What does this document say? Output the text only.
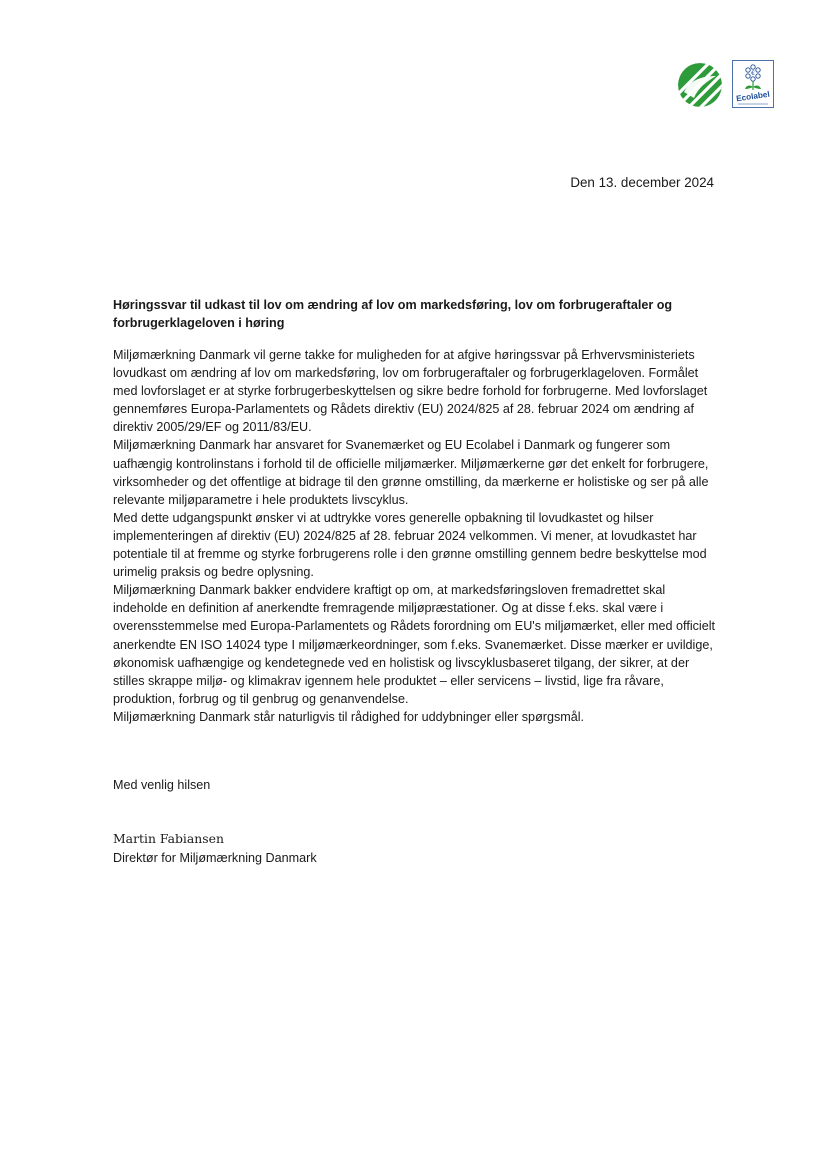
€
Ecolabel
Den 13. december 2024
Høringssvar til udkast til lov om ændring af lov om markedsføring, lov om forbrugeraftaler og
forbrugerklageloven i høring

Miljømærkning Danmark vil gerne takke for muligheden for at afgive høringssvar på Erhvervsministeriets lovudkast om ændring af lov om markedsføring, lov om forbrugeraftaler og forbrugerklageloven. Formålet med lovforslaget er at styrke forbrugerbeskyttelsen og sikre bedre forhold for forbrugerne. Med lovforslaget gennemføres Europa-Parlamentets og Rådets direktiv (EU) 2024/825 af 28. februar 2024 om ændring af direktiv 2005/29/EF og 2011/83/EU.

Miljømærkning Danmark har ansvaret for Svanemærket og EU Ecolabel i Danmark og fungerer som uafhængig kontrolinstans i forhold til de officielle miljømærker. Miljømærkerne gør det enkelt for forbrugere, virksomheder og det offentlige at bidrage til den grønne omstilling, da mærkerne er holistiske og ser på alle relevante miljøparametre i hele produktets livscyklus.

Med dette udgangspunkt ønsker vi at udtrykke vores generelle opbakning til lovudkastet og hilser implementeringen af direktiv (EU) 2024/825 af 28. februar 2024 velkommen. Vi mener, at lovudkastet har potentiale til at fremme og styrke forbrugerens rolle i den grønne omstilling gennem bedre beskyttelse mod urimelig praksis og bedre oplysning.

Miljømærkning Danmark bakker endvidere kraftigt op om, at markedsføringsloven fremadrettet skal indeholde en definition af anerkendte fremragende miljøpræstationer. Og at disse f.eks. skal være i overensstemmelse med Europa-Parlamentets og Rådets forordning om EU's miljømærket, eller med officielt anerkendte EN ISO 14024 type I miljømærkeordninger, som f.eks. Svanemærket. Disse mærker er uvildige, økonomisk uafhængige og kendetegnede ved en holistisk og livscyklusbaseret tilgang, der sikrer, at der stilles skrappe miljø- og klimakrav igennem hele produktet – eller servicens – livstid, lige fra råvare, produktion, forbrug og til genbrug og genanvendelse.

Miljømærkning Danmark står naturligvis til rådighed for uddybninger eller spørgsmål.

Med venlig hilsen
Martin Fabiansen
Direktør for Miljømærkning Danmark
